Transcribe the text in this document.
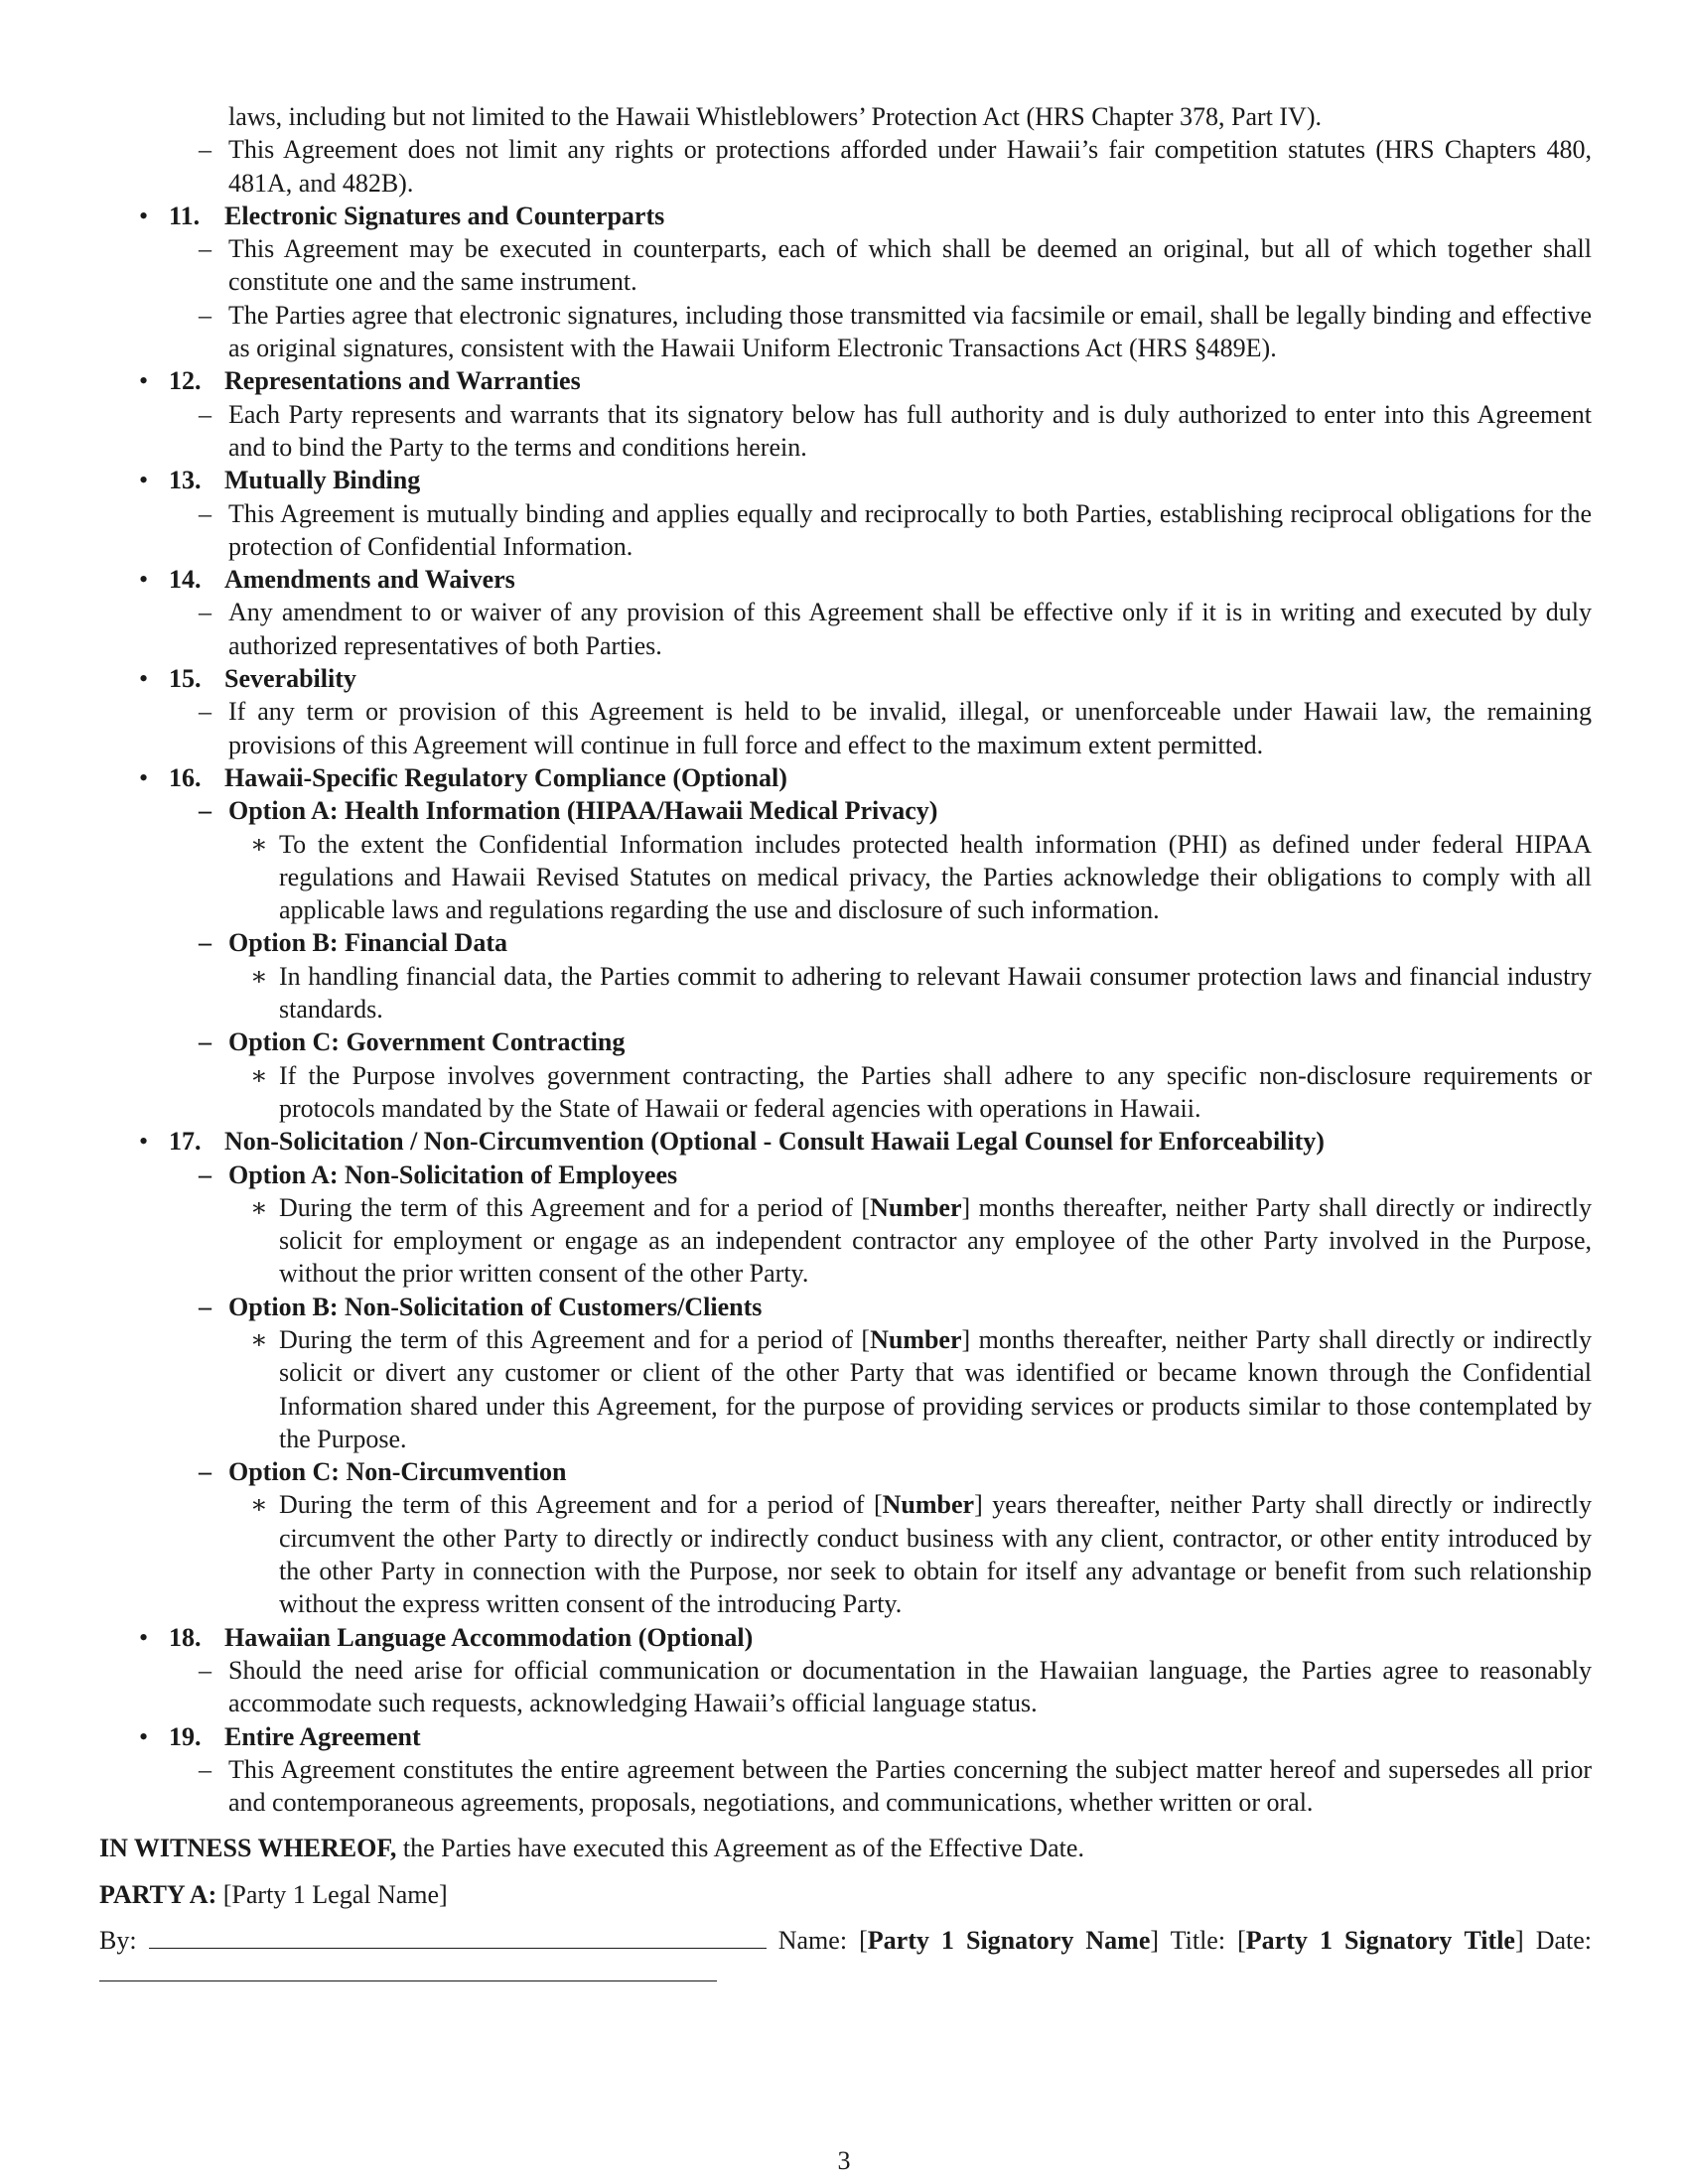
laws, including but not limited to the Hawaii Whistleblowers’ Protection Act (HRS Chapter 378, Part IV).
– This Agreement does not limit any rights or protections afforded under Hawaii’s fair competition statutes (HRS Chapters 480, 481A, and 482B).
• 11. Electronic Signatures and Counterparts
– This Agreement may be executed in counterparts, each of which shall be deemed an original, but all of which together shall constitute one and the same instrument.
– The Parties agree that electronic signatures, including those transmitted via facsimile or email, shall be legally binding and effective as original signatures, consistent with the Hawaii Uniform Electronic Transactions Act (HRS §489E).
• 12. Representations and Warranties
– Each Party represents and warrants that its signatory below has full authority and is duly authorized to enter into this Agreement and to bind the Party to the terms and conditions herein.
• 13. Mutually Binding
– This Agreement is mutually binding and applies equally and reciprocally to both Parties, establishing reciprocal obligations for the protection of Confidential Information.
• 14. Amendments and Waivers
– Any amendment to or waiver of any provision of this Agreement shall be effective only if it is in writing and executed by duly authorized representatives of both Parties.
• 15. Severability
– If any term or provision of this Agreement is held to be invalid, illegal, or unenforceable under Hawaii law, the remaining provisions of this Agreement will continue in full force and effect to the maximum extent permitted.
• 16. Hawaii-Specific Regulatory Compliance (Optional)
– Option A: Health Information (HIPAA/Hawaii Medical Privacy)
∗ To the extent the Confidential Information includes protected health information (PHI) as defined under federal HIPAA regulations and Hawaii Revised Statutes on medical privacy, the Parties acknowledge their obligations to comply with all applicable laws and regulations regarding the use and disclosure of such information.
– Option B: Financial Data
∗ In handling financial data, the Parties commit to adhering to relevant Hawaii consumer protection laws and financial industry standards.
– Option C: Government Contracting
∗ If the Purpose involves government contracting, the Parties shall adhere to any specific non-disclosure requirements or protocols mandated by the State of Hawaii or federal agencies with operations in Hawaii.
• 17. Non-Solicitation / Non-Circumvention (Optional - Consult Hawaii Legal Counsel for Enforceability)
– Option A: Non-Solicitation of Employees
∗ During the term of this Agreement and for a period of [Number] months thereafter, neither Party shall directly or indirectly solicit for employment or engage as an independent contractor any employee of the other Party involved in the Purpose, without the prior written consent of the other Party.
– Option B: Non-Solicitation of Customers/Clients
∗ During the term of this Agreement and for a period of [Number] months thereafter, neither Party shall directly or indirectly solicit or divert any customer or client of the other Party that was identified or became known through the Confidential Information shared under this Agreement, for the purpose of providing services or products similar to those contemplated by the Purpose.
– Option C: Non-Circumvention
∗ During the term of this Agreement and for a period of [Number] years thereafter, neither Party shall directly or indirectly circumvent the other Party to directly or indirectly conduct business with any client, contractor, or other entity introduced by the other Party in connection with the Purpose, nor seek to obtain for itself any advantage or benefit from such relationship without the express written consent of the introducing Party.
• 18. Hawaiian Language Accommodation (Optional)
– Should the need arise for official communication or documentation in the Hawaiian language, the Parties agree to reasonably accommodate such requests, acknowledging Hawaii’s official language status.
• 19. Entire Agreement
– This Agreement constitutes the entire agreement between the Parties concerning the subject matter hereof and supersedes all prior and contemporaneous agreements, proposals, negotiations, and communications, whether written or oral.
IN WITNESS WHEREOF, the Parties have executed this Agreement as of the Effective Date.
PARTY A: [Party 1 Legal Name]
By:	Name: [Party 1 Signatory Name] Title: [Party 1 Signatory Title] Date:
3
